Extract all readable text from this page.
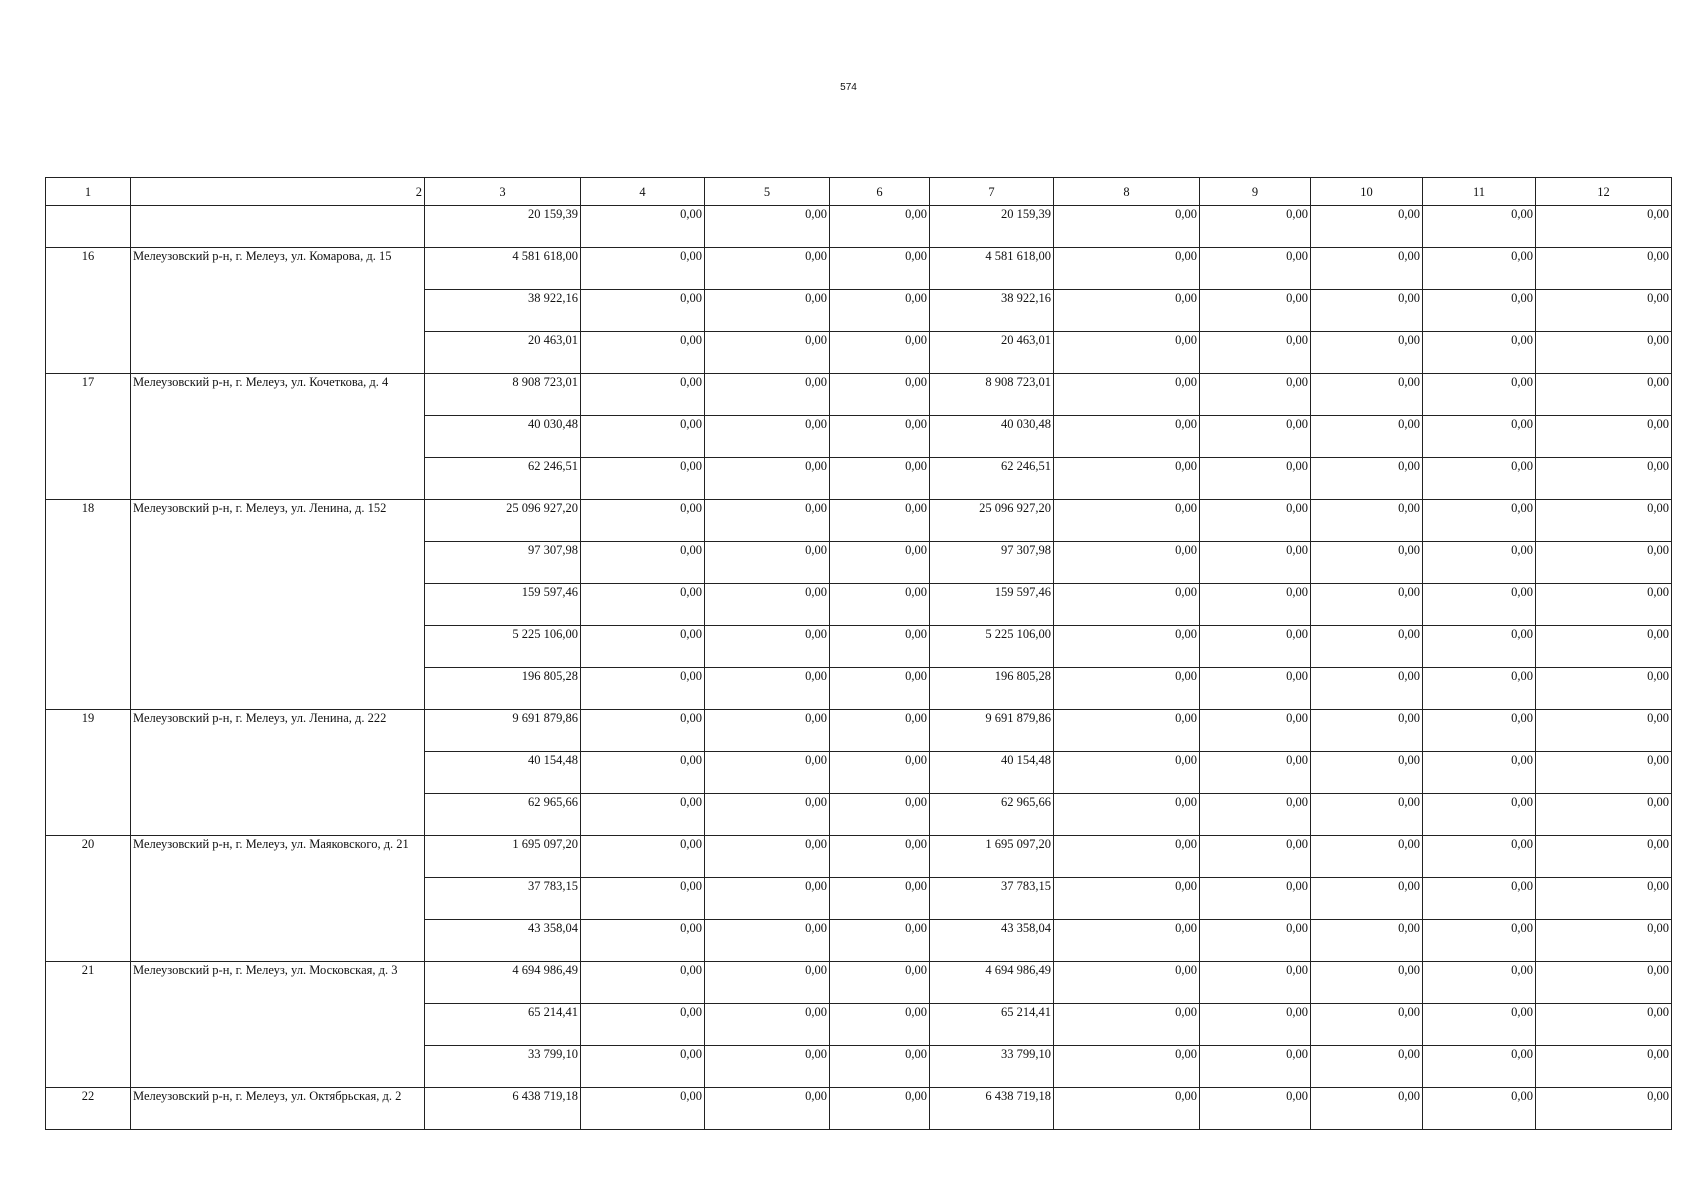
574
1	2	3	4	5	6	7	8	9	10	11	12
		20 159,39	0,00	0,00	0,00	20 159,39	0,00	0,00	0,00	0,00	0,00
16	Мелеузовский р-н, г. Мелеуз, ул. Комарова, д. 15	4 581 618,00	0,00	0,00	0,00	4 581 618,00	0,00	0,00	0,00	0,00	0,00
		38 922,16	0,00	0,00	0,00	38 922,16	0,00	0,00	0,00	0,00	0,00
		20 463,01	0,00	0,00	0,00	20 463,01	0,00	0,00	0,00	0,00	0,00
17	Мелеузовский р-н, г. Мелеуз, ул. Кочеткова, д. 4	8 908 723,01	0,00	0,00	0,00	8 908 723,01	0,00	0,00	0,00	0,00	0,00
		40 030,48	0,00	0,00	0,00	40 030,48	0,00	0,00	0,00	0,00	0,00
		62 246,51	0,00	0,00	0,00	62 246,51	0,00	0,00	0,00	0,00	0,00
18	Мелеузовский р-н, г. Мелеуз, ул. Ленина, д. 152	25 096 927,20	0,00	0,00	0,00	25 096 927,20	0,00	0,00	0,00	0,00	0,00
		97 307,98	0,00	0,00	0,00	97 307,98	0,00	0,00	0,00	0,00	0,00
		159 597,46	0,00	0,00	0,00	159 597,46	0,00	0,00	0,00	0,00	0,00
		5 225 106,00	0,00	0,00	0,00	5 225 106,00	0,00	0,00	0,00	0,00	0,00
		196 805,28	0,00	0,00	0,00	196 805,28	0,00	0,00	0,00	0,00	0,00
19	Мелеузовский р-н, г. Мелеуз, ул. Ленина, д. 222	9 691 879,86	0,00	0,00	0,00	9 691 879,86	0,00	0,00	0,00	0,00	0,00
		40 154,48	0,00	0,00	0,00	40 154,48	0,00	0,00	0,00	0,00	0,00
		62 965,66	0,00	0,00	0,00	62 965,66	0,00	0,00	0,00	0,00	0,00
20	Мелеузовский р-н, г. Мелеуз, ул. Маяковского, д. 21	1 695 097,20	0,00	0,00	0,00	1 695 097,20	0,00	0,00	0,00	0,00	0,00
		37 783,15	0,00	0,00	0,00	37 783,15	0,00	0,00	0,00	0,00	0,00
		43 358,04	0,00	0,00	0,00	43 358,04	0,00	0,00	0,00	0,00	0,00
21	Мелеузовский р-н, г. Мелеуз, ул. Московская, д. 3	4 694 986,49	0,00	0,00	0,00	4 694 986,49	0,00	0,00	0,00	0,00	0,00
		65 214,41	0,00	0,00	0,00	65 214,41	0,00	0,00	0,00	0,00	0,00
		33 799,10	0,00	0,00	0,00	33 799,10	0,00	0,00	0,00	0,00	0,00
22	Мелеузовский р-н, г. Мелеуз, ул. Октябрьская, д. 2	6 438 719,18	0,00	0,00	0,00	6 438 719,18	0,00	0,00	0,00	0,00	0,00
